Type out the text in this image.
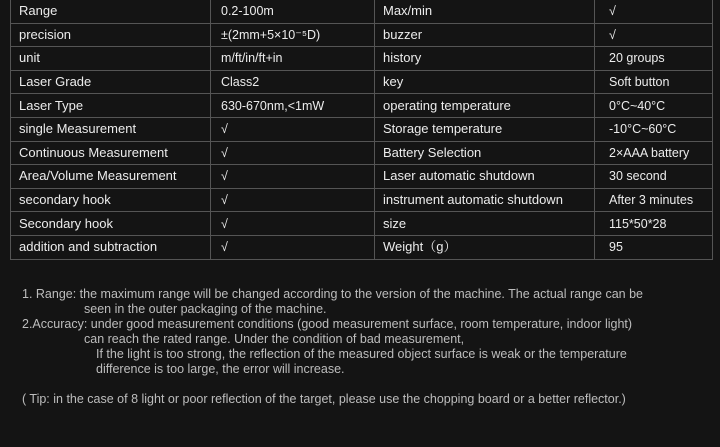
Range	0.2-100m	Max/min	√
precision	±(2mm+5×10⁻⁵D)	buzzer	√
unit	m/ft/in/ft+in	history	20 groups
Laser Grade	Class2	key	Soft button
Laser Type	630-670nm,<1mW	operating temperature	0°C~40°C
single Measurement	√	Storage temperature	-10°C~60°C
Continuous Measurement	√	Battery Selection	2×AAA battery
Area/Volume Measurement	√	Laser automatic shutdown	30 second
secondary hook	√	instrument automatic shutdown	After 3 minutes
Secondary hook	√	size	115*50*28
addition and subtraction	√	Weight（g）	95

1. Range: the maximum range will be changed according to the version of the machine. The actual range can be

seen in the outer packaging of the machine.

2.Accuracy: under good measurement conditions (good measurement surface, room temperature, indoor light)

can reach the rated range. Under the condition of bad measurement,

If the light is too strong, the reflection of the measured object surface is weak or the temperature

difference is too large, the error will increase.

( Tip: in the case of 8 light or poor reflection of the target, please use the chopping board or a better reflector.)
